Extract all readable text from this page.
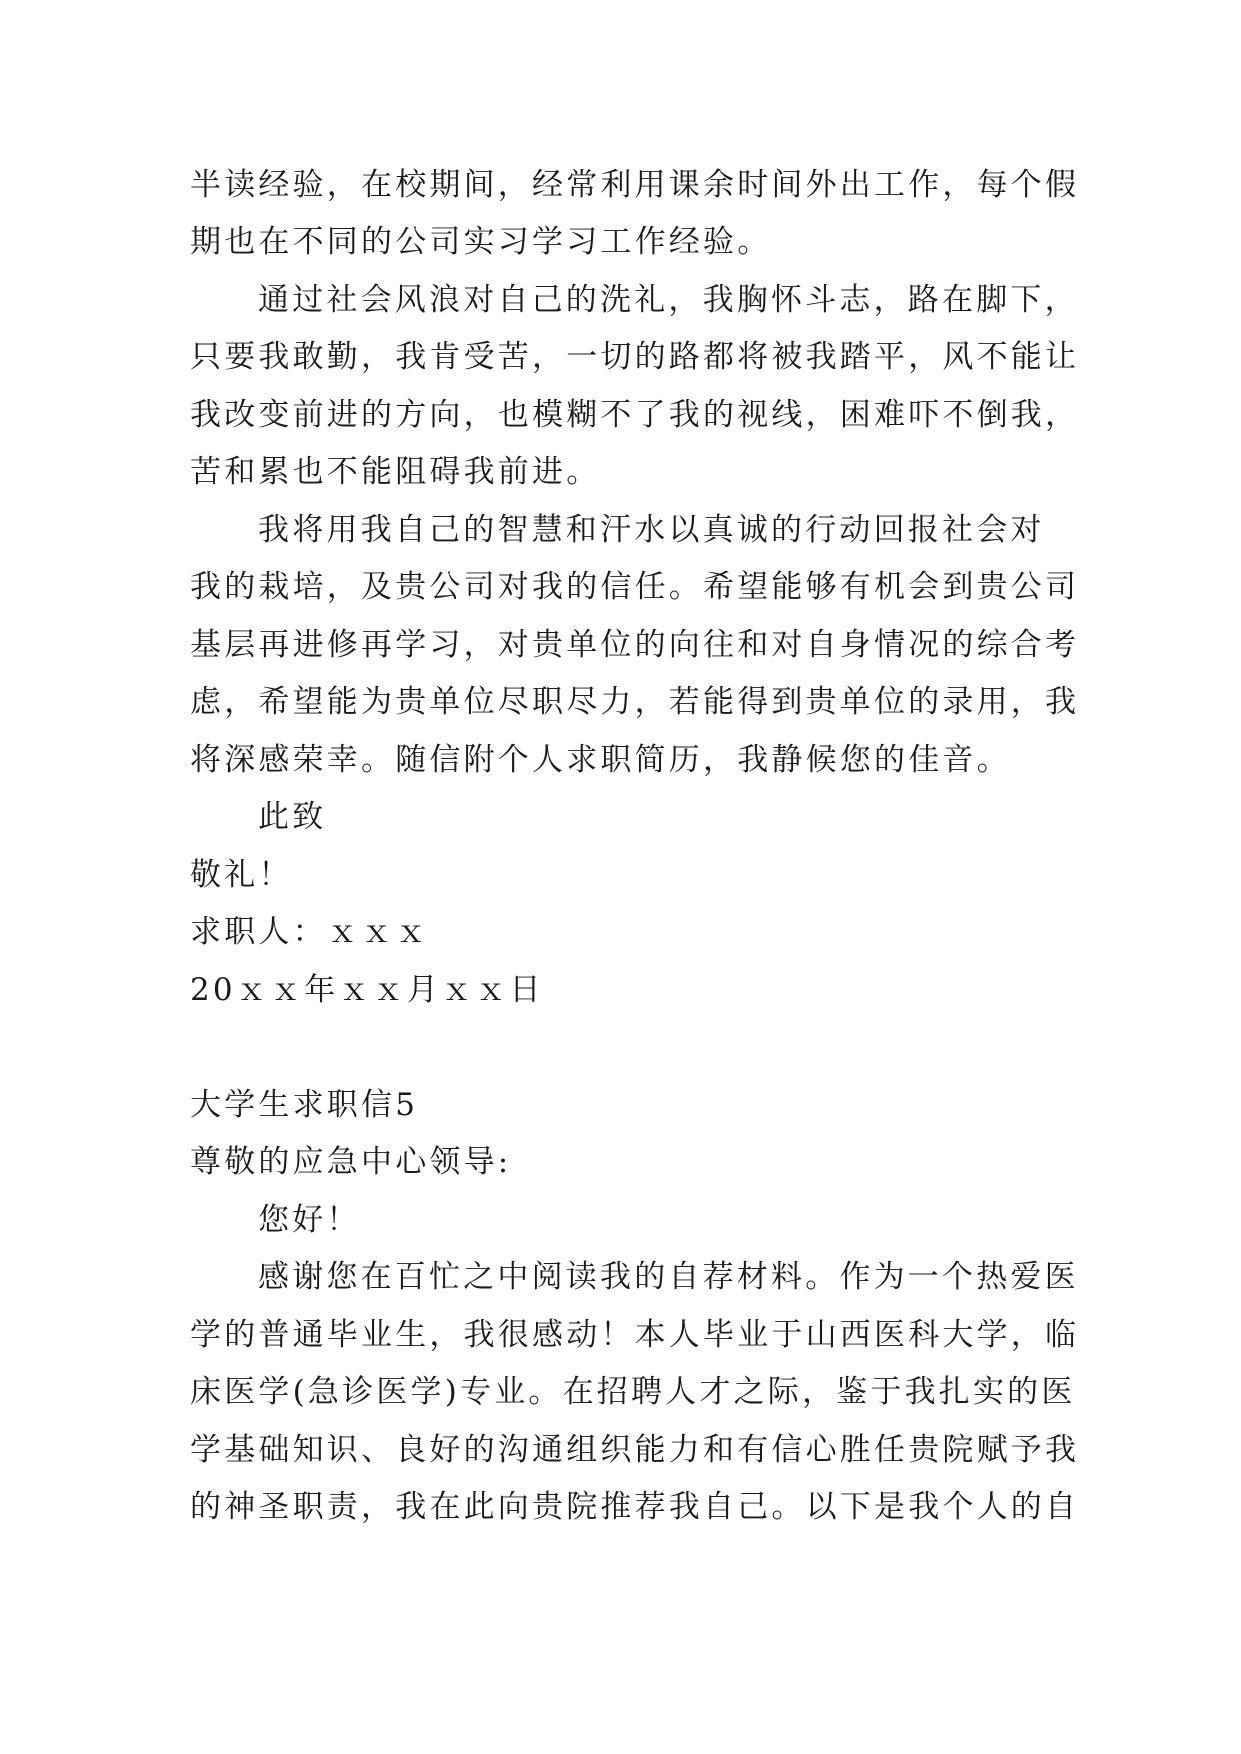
半读经验，在校期间，经常利用课余时间外出工作，每个假
期也在不同的公司实习学习工作经验。
通过社会风浪对自己的洗礼，我胸怀斗志，路在脚下，
只要我敢勤，我肯受苦，一切的路都将被我踏平，风不能让
我改变前进的方向，也模糊不了我的视线，困难吓不倒我，
苦和累也不能阻碍我前进。
我将用我自己的智慧和汗水以真诚的行动回报社会对
我的栽培，及贵公司对我的信任。希望能够有机会到贵公司
基层再进修再学习，对贵单位的向往和对自身情况的综合考
虑，希望能为贵单位尽职尽力，若能得到贵单位的录用，我
将深感荣幸。随信附个人求职简历，我静候您的佳音。
此致
敬礼！
求职人：ｘｘｘ
20ｘｘ年ｘｘ月ｘｘ日
大学生求职信5
尊敬的应急中心领导:
您好！
感谢您在百忙之中阅读我的自荐材料。作为一个热爱医
学的普通毕业生，我很感动！本人毕业于山西医科大学，临
床医学(急诊医学)专业。在招聘人才之际，鉴于我扎实的医
学基础知识、良好的沟通组织能力和有信心胜任贵院赋予我
的神圣职责，我在此向贵院推荐我自己。以下是我个人的自
